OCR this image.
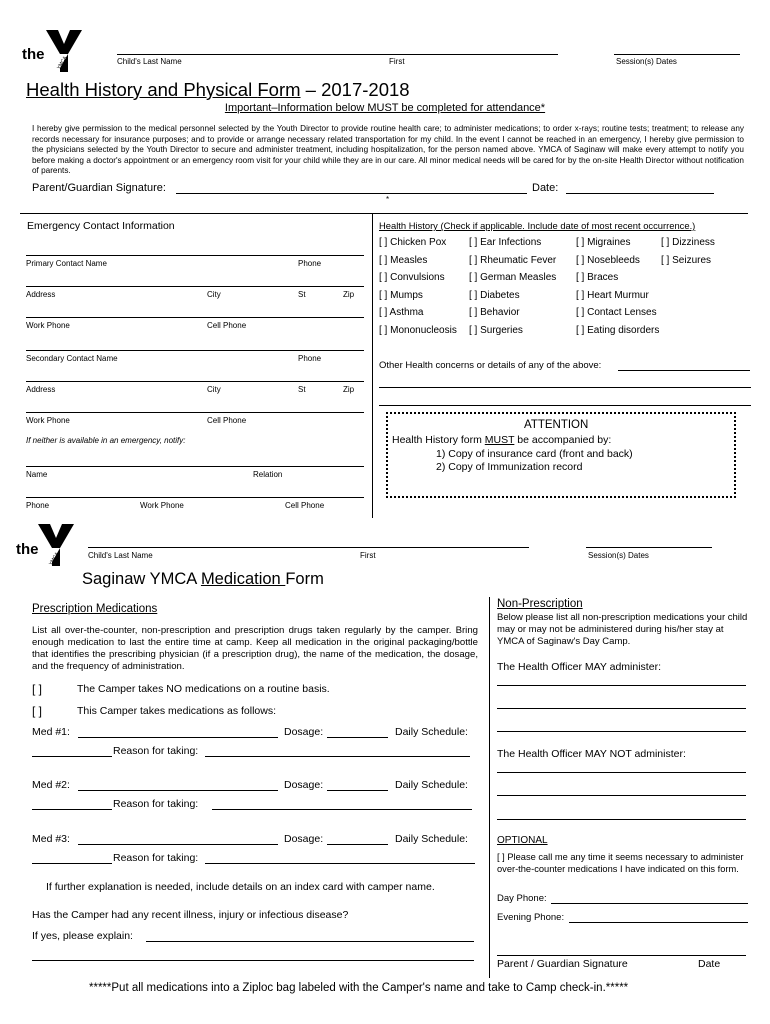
the YMCA	Child's Last Name	First	Session(s) Dates
Health History and Physical Form – 2017-2018
Important–Information below MUST be completed for attendance*
I hereby give permission to the medical personnel selected by the Youth Director to provide routine health care; to administer medications; to order x-rays; routine tests; treatment; to release any records necessary for insurance purposes; and to provide or arrange necessary related transportation for my child. In the event I cannot be reached in an emergency, I hereby give permission to the physicians selected by the Youth Director to secure and administer treatment, including hospitalization, for the person named above. YMCA of Saginaw will make every attempt to notify you before making a doctor's appointment or an emergency room visit for your child while they are in our care. All minor medical needs will be cared for by the on-site Health Director without notification of parents.
Parent/Guardian Signature:	Date:
*
Emergency Contact Information
Primary Contact Name	Phone
Address	City	St	Zip
Work Phone	Cell Phone
Secondary Contact Name	Phone
Address	City	St	Zip
Work Phone	Cell Phone
If neither is available in an emergency, notify:
Name	Relation
Phone	Work Phone	Cell Phone
Health History (Check if applicable. Include date of most recent occurrence.)
[ ] Chicken Pox [ ] Ear Infections	[ ] Migraines	[ ] Dizziness
[ ] Measles	[ ] Rheumatic Fever [ ] Nosebleeds [ ] Seizures
[ ] Convulsions [ ] German Measles [ ] Braces
[ ] Mumps	[ ] Diabetes	[ ] Heart Murmur
[ ] Asthma	[ ] Behavior	[ ] Contact Lenses
[ ] Mononucleosis [ ] Surgeries	[ ] Eating disorders
Other Health concerns or details of any of the above:
ATTENTION
Health History form MUST be accompanied by:
1) Copy of insurance card (front and back)
2) Copy of Immunization record
the
YMCA	Child's Last Name	First	Session(s) Dates
Saginaw YMCA Medication Form
Prescription Medications
List all over-the-counter, non-prescription and prescription drugs taken regularly by the camper. Bring enough medication to last the entire time at camp. Keep all medication in the original packaging/bottle that identifies the prescribing physician (if a prescription drug), the name of the medication, the dosage, and the frequency of administration.
[ ]	The Camper takes NO medications on a routine basis.
[ ]	This Camper takes medications as follows:
Med #1:	Dosage:	Daily Schedule:
Reason for taking:
Med #2:	Dosage:	Daily Schedule:
Reason for taking:
Med #3:	Dosage:	Daily Schedule:
Reason for taking:
If further explanation is needed, include details on an index card with camper name.
Has the Camper had any recent illness, injury or infectious disease?
If yes, please explain:
Non-Prescription
Below please list all non-prescription medications your child may or may not be administered during his/her stay at YMCA of Saginaw's Day Camp.
The Health Officer MAY administer:
The Health Officer MAY NOT administer:
OPTIONAL
[ ] Please call me any time it seems necessary to administer over-the-counter medications I have indicated on this form.
Day Phone:
Evening Phone:
Parent / Guardian Signature	Date
*****Put all medications into a Ziploc bag labeled with the Camper's name and take to Camp check-in.*****
